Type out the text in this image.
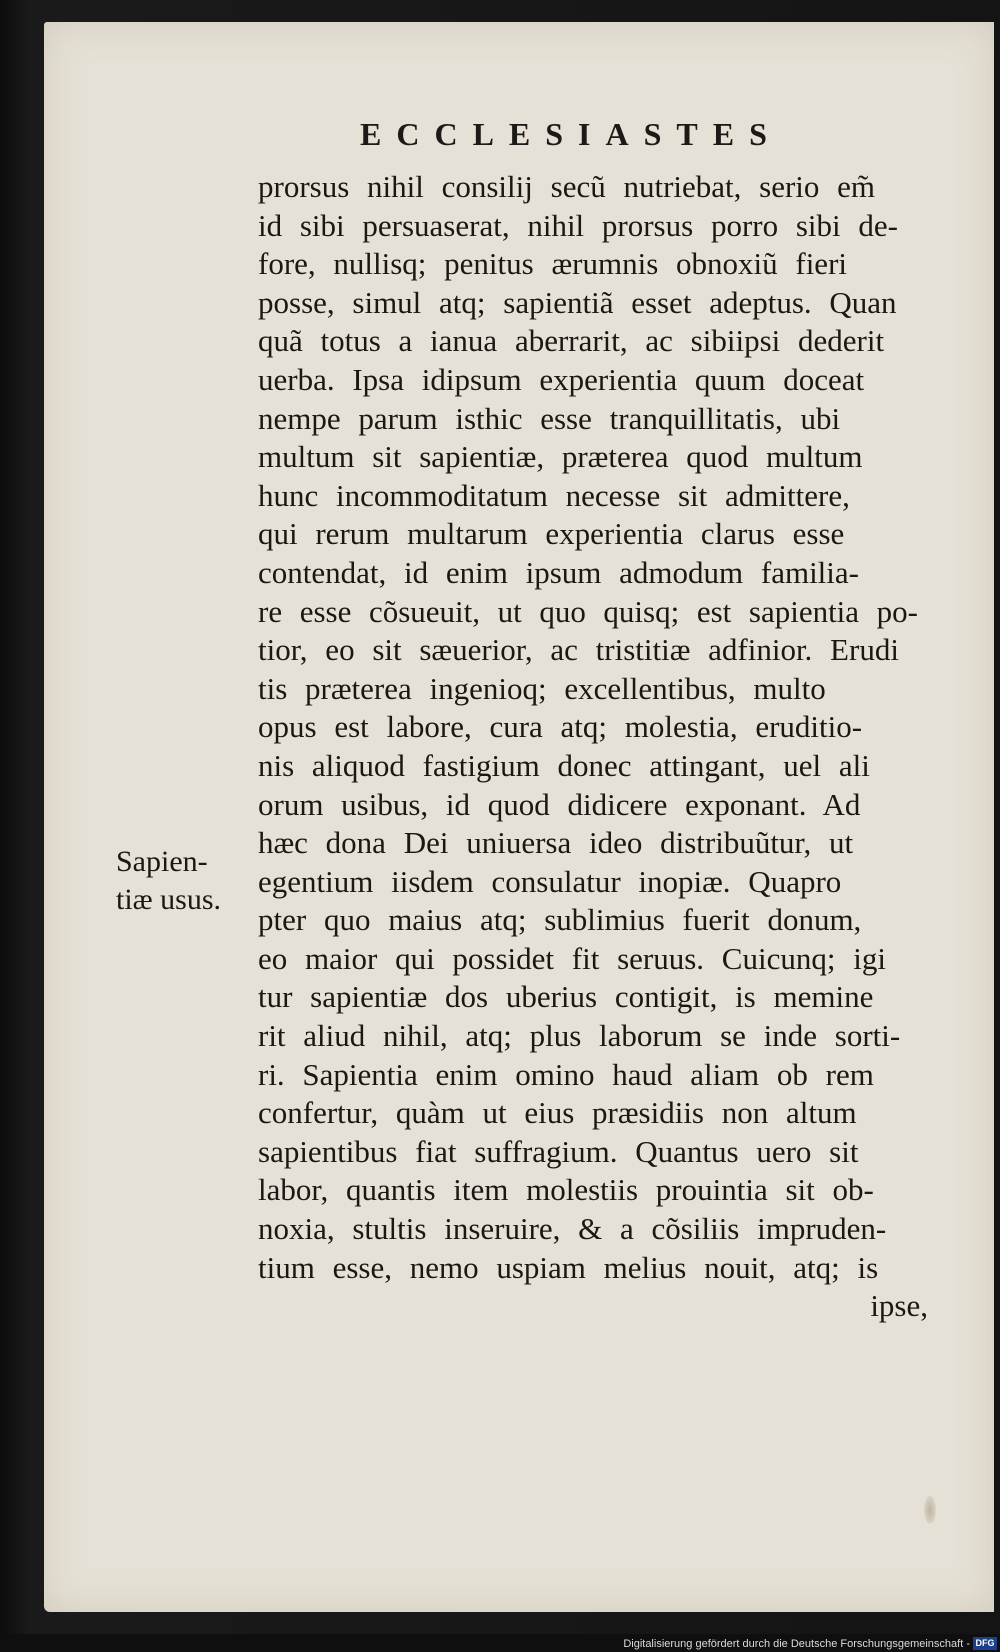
ECCLESIASTES
Sapien-
tiæ usus.
prorsus nihil consilij secũ nutriebat, serio em̃
id sibi persuaserat, nihil prorsus porro sibi de-
fore, nullisq; penitus ærumnis obnoxiũ fieri
posse, simul atq; sapientiã esset adeptus. Quan
quã totus a ianua aberrarit, ac sibiipsi dederit
uerba. Ipsa idipsum experientia quum doceat
nempe parum isthic esse tranquillitatis, ubi
multum sit sapientiæ, præterea quod multum
hunc incommoditatum necesse sit admittere,
qui rerum multarum experientia clarus esse
contendat, id enim ipsum admodum familia-
re esse cõsueuit, ut quo quisq; est sapientia po-
tior, eo sit sæuerior, ac tristitiæ adfinior. Erudi
tis præterea ingenioq; excellentibus, multo
opus est labore, cura atq; molestia, eruditio-
nis aliquod fastigium donec attingant, uel ali
orum usibus, id quod didicere exponant. Ad
hæc dona Dei uniuersa ideo distribuũtur, ut
egentium iisdem consulatur inopiæ. Quapro
pter quo maius atq; sublimius fuerit donum,
eo maior qui possidet fit seruus. Cuicunq; igi
tur sapientiæ dos uberius contigit, is memine
rit aliud nihil, atq; plus laborum se inde sorti-
ri. Sapientia enim omino haud aliam ob rem
confertur, quàm ut eius præsidiis non altum
sapientibus fiat suffragium. Quantus uero sit
labor, quantis item molestiis prouintia sit ob-
noxia, stultis inseruire, & a cõsiliis impruden-
tium esse, nemo uspiam melius nouit, atq; is
ipse,
Digitalisierung gefördert durch die Deutsche Forschungsgemeinschaft - DFG
